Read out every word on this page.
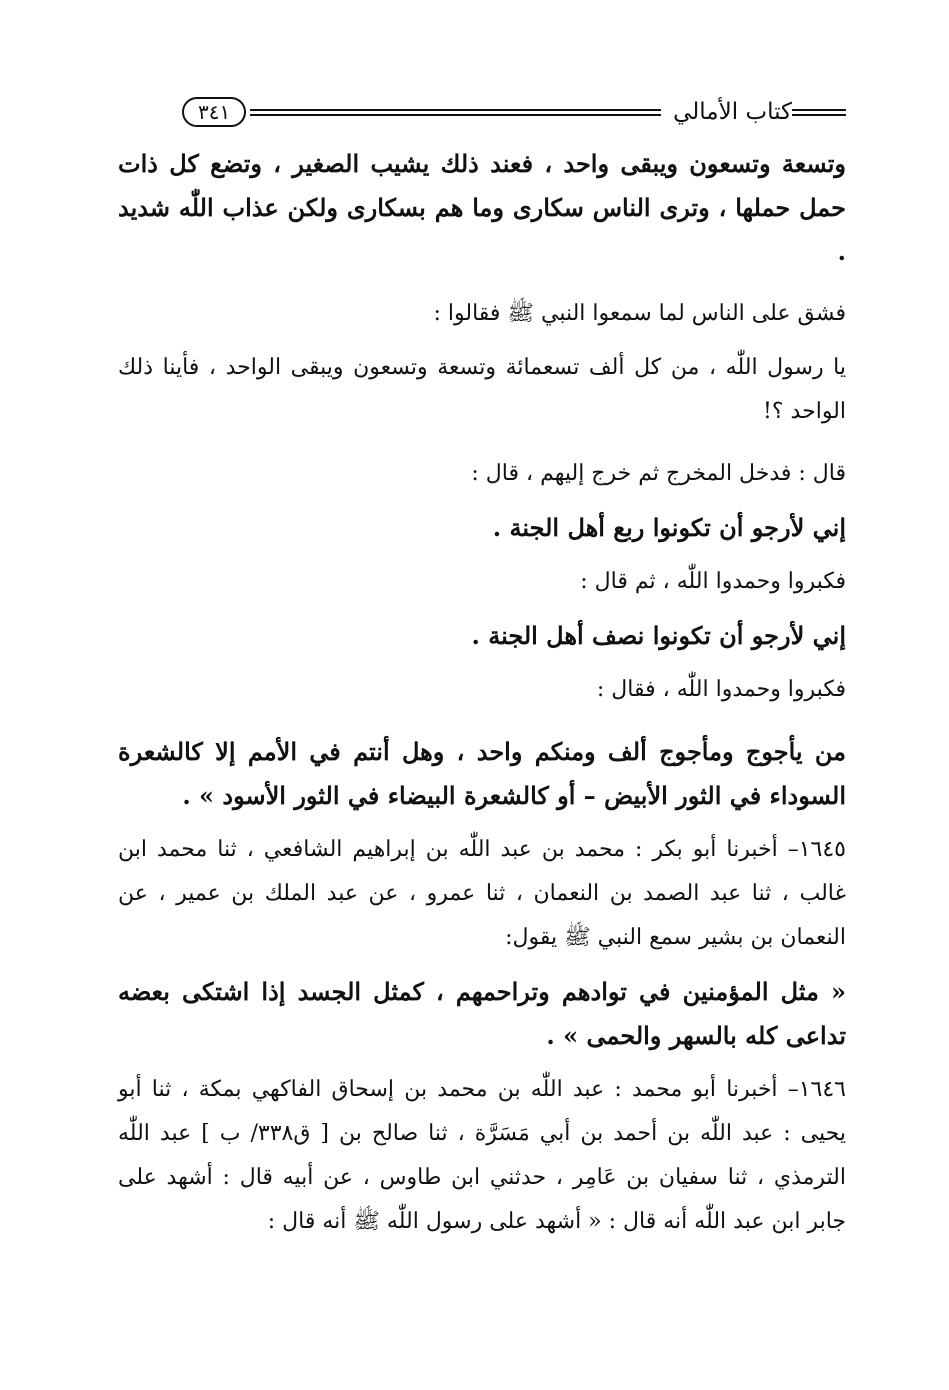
كتاب الأمالي
٣٤١

وتسعة وتسعون ويبقى واحد ، فعند ذلك يشيب الصغير ، وتضع كل ذات حمل حملها ، وترى الناس سكارى وما هم بسكارى ولكن عذاب اللّٰه شديد .

فشق على الناس لما سمعوا النبي ﷺ فقالوا :

يا رسول اللّٰه ، من كل ألف تسعمائة وتسعة وتسعون ويبقى الواحد ، فأينا ذلك الواحد ؟!

قال : فدخل المخرج ثم خرج إليهم ، قال :

إني لأرجو أن تكونوا ربع أهل الجنة .

فكبروا وحمدوا اللّٰه ، ثم قال :

إني لأرجو أن تكونوا نصف أهل الجنة .

فكبروا وحمدوا اللّٰه ، فقال :

من يأجوج ومأجوج ألف ومنكم واحد ، وهل أنتم في الأمم إلا كالشعرة السوداء في الثور الأبيض – أو كالشعرة البيضاء في الثور الأسود » .

١٦٤٥– أخبرنا أبو بكر : محمد بن عبد اللّٰه بن إبراهيم الشافعي ، ثنا محمد ابن غالب ، ثنا عبد الصمد بن النعمان ، ثنا عمرو ، عن عبد الملك بن عمير ، عن النعمان بن بشير سمع النبي ﷺ يقول:

« مثل المؤمنين في توادهم وتراحمهم ، كمثل الجسد إذا اشتكى بعضه تداعى كله بالسهر والحمى » .

١٦٤٦– أخبرنا أبو محمد : عبد اللّٰه بن محمد بن إسحاق الفاكهي بمكة ، ثنا أبو يحيى : عبد اللّٰه بن أحمد بن أبي مَسَرَّة ، ثنا صالح بن [ ق٣٣٨/ ب ] عبد اللّٰه الترمذي ، ثنا سفيان بن عَامِر ، حدثني ابن طاوس ، عن أبيه قال : أشهد على جابر ابن عبد اللّٰه أنه قال : « أشهد على رسول اللّٰه ﷺ أنه قال :
